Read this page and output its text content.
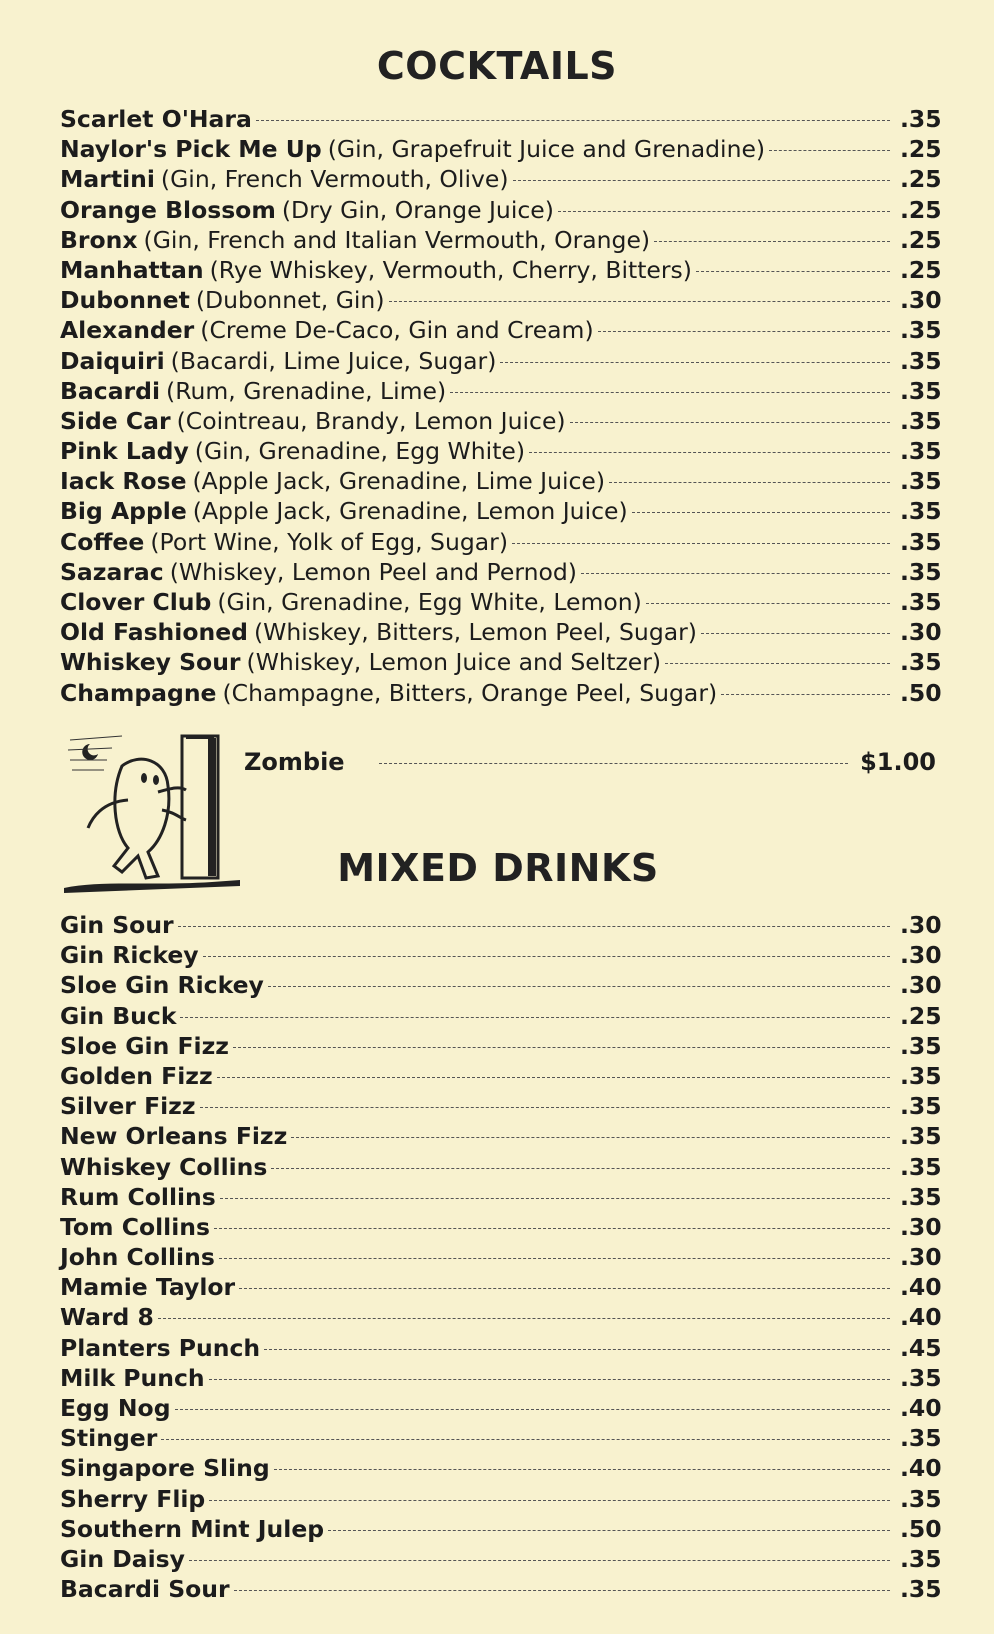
COCKTAILS
Scarlet O'Hara	.35
Naylor's Pick Me Up (Gin, Grapefruit Juice and Grenadine)	.25
Martini (Gin, French Vermouth, Olive)	.25
Orange Blossom (Dry Gin, Orange Juice)	.25
Bronx (Gin, French and Italian Vermouth, Orange)	.25
Manhattan (Rye Whiskey, Vermouth, Cherry, Bitters)	.25
Dubonnet (Dubonnet, Gin)	.30
Alexander (Creme De-Caco, Gin and Cream)	.35
Daiquiri (Bacardi, Lime Juice, Sugar)	.35
Bacardi (Rum, Grenadine, Lime)	.35
Side Car (Cointreau, Brandy, Lemon Juice)	.35
Pink Lady (Gin, Grenadine, Egg White)	.35
Iack Rose (Apple Jack, Grenadine, Lime Juice)	.35
Big Apple (Apple Jack, Grenadine, Lemon Juice)	.35
Coffee (Port Wine, Yolk of Egg, Sugar)	.35
Sazarac (Whiskey, Lemon Peel and Pernod)	.35
Clover Club (Gin, Grenadine, Egg White, Lemon)	.35
Old Fashioned (Whiskey, Bitters, Lemon Peel, Sugar)	.30
Whiskey Sour (Whiskey, Lemon Juice and Seltzer)	.35
Champagne (Champagne, Bitters, Orange Peel, Sugar)	.50
Zombie	$1.00
MIXED DRINKS
Gin Sour	.30
Gin Rickey	.30
Sloe Gin Rickey	.30
Gin Buck	.25
Sloe Gin Fizz	.35
Golden Fizz	.35
Silver Fizz	.35
New Orleans Fizz	.35
Whiskey Collins	.35
Rum Collins	.35
Tom Collins	.30
John Collins	.30
Mamie Taylor	.40
Ward 8	.40
Planters Punch	.45
Milk Punch	.35
Egg Nog	.40
Stinger	.35
Singapore Sling	.40
Sherry Flip	.35
Southern Mint Julep	.50
Gin Daisy	.35
Bacardi Sour	.35
